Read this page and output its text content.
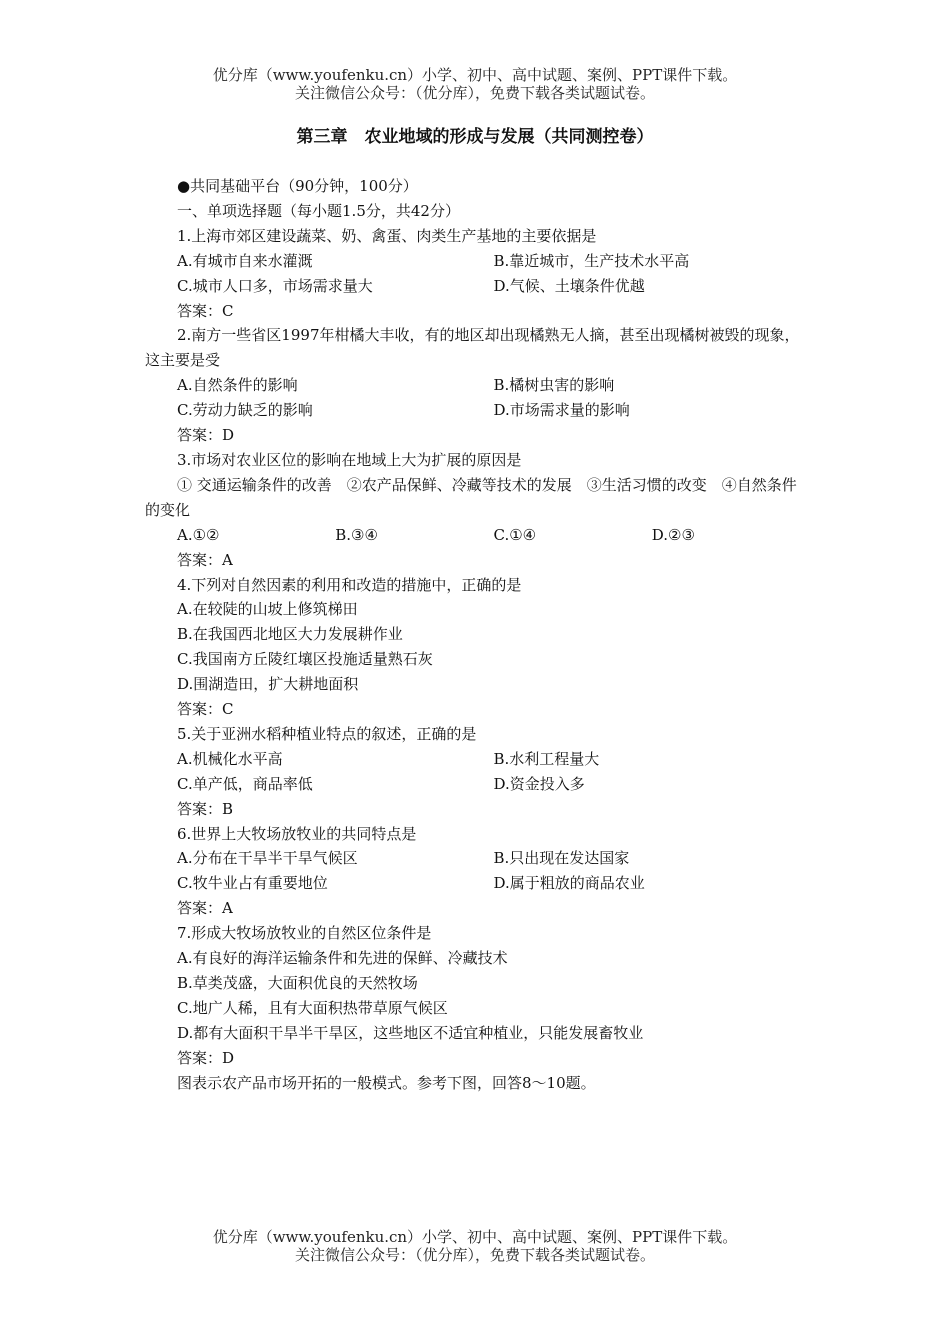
优分库（www.youfenku.cn）小学、初中、高中试题、案例、PPT课件下载。
关注微信公众号：（优分库），免费下载各类试题试卷。
第三章　农业地域的形成与发展（共同测控卷）
●共同基础平台（90分钟，100分）
一、单项选择题（每小题1.5分，共42分）
1.上海市郊区建设蔬菜、奶、禽蛋、肉类生产基地的主要依据是
A.有城市自来水灌溉	B.靠近城市，生产技术水平高
C.城市人口多，市场需求量大	D.气候、土壤条件优越
答案：C
2.南方一些省区1997年柑橘大丰收，有的地区却出现橘熟无人摘，甚至出现橘树被毁的现象，这主要是受
A.自然条件的影响	B.橘树虫害的影响
C.劳动力缺乏的影响	D.市场需求量的影响
答案：D
3.市场对农业区位的影响在地域上大为扩展的原因是
① 交通运输条件的改善　②农产品保鲜、冷藏等技术的发展　③生活习惯的改变　④自然条件的变化
A.①②	B.③④	C.①④	D.②③
答案：A
4.下列对自然因素的利用和改造的措施中，正确的是
A.在较陡的山坡上修筑梯田
B.在我国西北地区大力发展耕作业
C.我国南方丘陵红壤区投施适量熟石灰
D.围湖造田，扩大耕地面积
答案：C
5.关于亚洲水稻种植业特点的叙述，正确的是
A.机械化水平高	B.水利工程量大
C.单产低，商品率低	D.资金投入多
答案：B
6.世界上大牧场放牧业的共同特点是
A.分布在干旱半干旱气候区	B.只出现在发达国家
C.牧牛业占有重要地位	D.属于粗放的商品农业
答案：A
7.形成大牧场放牧业的自然区位条件是
A.有良好的海洋运输条件和先进的保鲜、冷藏技术
B.草类茂盛，大面积优良的天然牧场
C.地广人稀，且有大面积热带草原气候区
D.都有大面积干旱半干旱区，这些地区不适宜种植业，只能发展畜牧业
答案：D
图表示农产品市场开拓的一般模式。参考下图，回答8～10题。
优分库（www.youfenku.cn）小学、初中、高中试题、案例、PPT课件下载。
关注微信公众号：（优分库），免费下载各类试题试卷。
